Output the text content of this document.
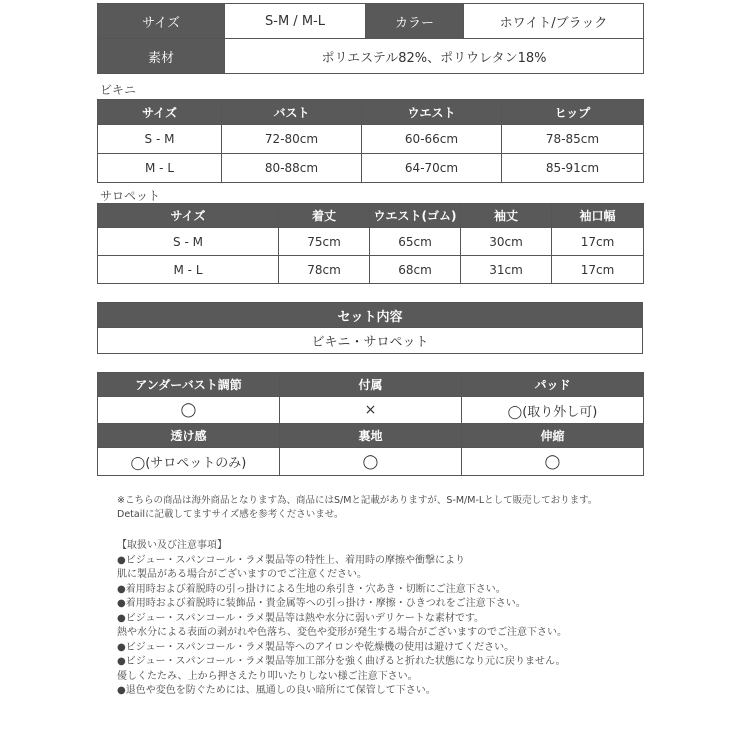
サイズ	S-M / M-L	カラー	ホワイト/ブラック
素材	ポリエステル82%、ポリウレタン18%		
ビキニ
サイズ	バスト	ウエスト	ヒップ
S - M	72-80cm	60-66cm	78-85cm
M - L	80-88cm	64-70cm	85-91cm
サロペット
サイズ	着丈	ウエスト(ゴム)	袖丈	袖口幅
S - M	75cm	65cm	30cm	17cm
M - L	78cm	68cm	31cm	17cm
セット内容
ビキニ・サロペット
アンダーバスト調節	付属	パッド
◯	×	◯(取り外し可)
透け感	裏地	伸縮
◯(サロペットのみ)	◯	◯
※こちらの商品は海外商品となります為、商品にはS/Mと記載がありますが、S-M/M-Lとして販売しております。
Detailに記載してますサイズ感を参考くださいませ。
【取扱い及び注意事項】
●ビジュー・スパンコール・ラメ製品等の特性上、着用時の摩擦や衝撃により
肌に製品がある場合がございますのでご注意ください。
●着用時および着脱時の引っ掛けによる生地の糸引き・穴あき・切断にご注意下さい。
●着用時および着脱時に装飾品・貴金属等への引っ掛け・摩擦・ひきつれをご注意下さい。
●ビジュー・スパンコール・ラメ製品等は熱や水分に弱いデリケートな素材です。
熱や水分による表面の剥がれや色落ち、変色や変形が発生する場合がございますのでご注意下さい。
●ビジュー・スパンコール・ラメ製品等へのアイロンや乾燥機の使用は避けてください。
●ビジュー・スパンコール・ラメ製品等加工部分を強く曲げると折れた状態になり元に戻りません。
優しくたたみ、上から押さえたり叩いたりしない様ご注意下さい。
●退色や変色を防ぐためには、風通しの良い暗所にて保管して下さい。
